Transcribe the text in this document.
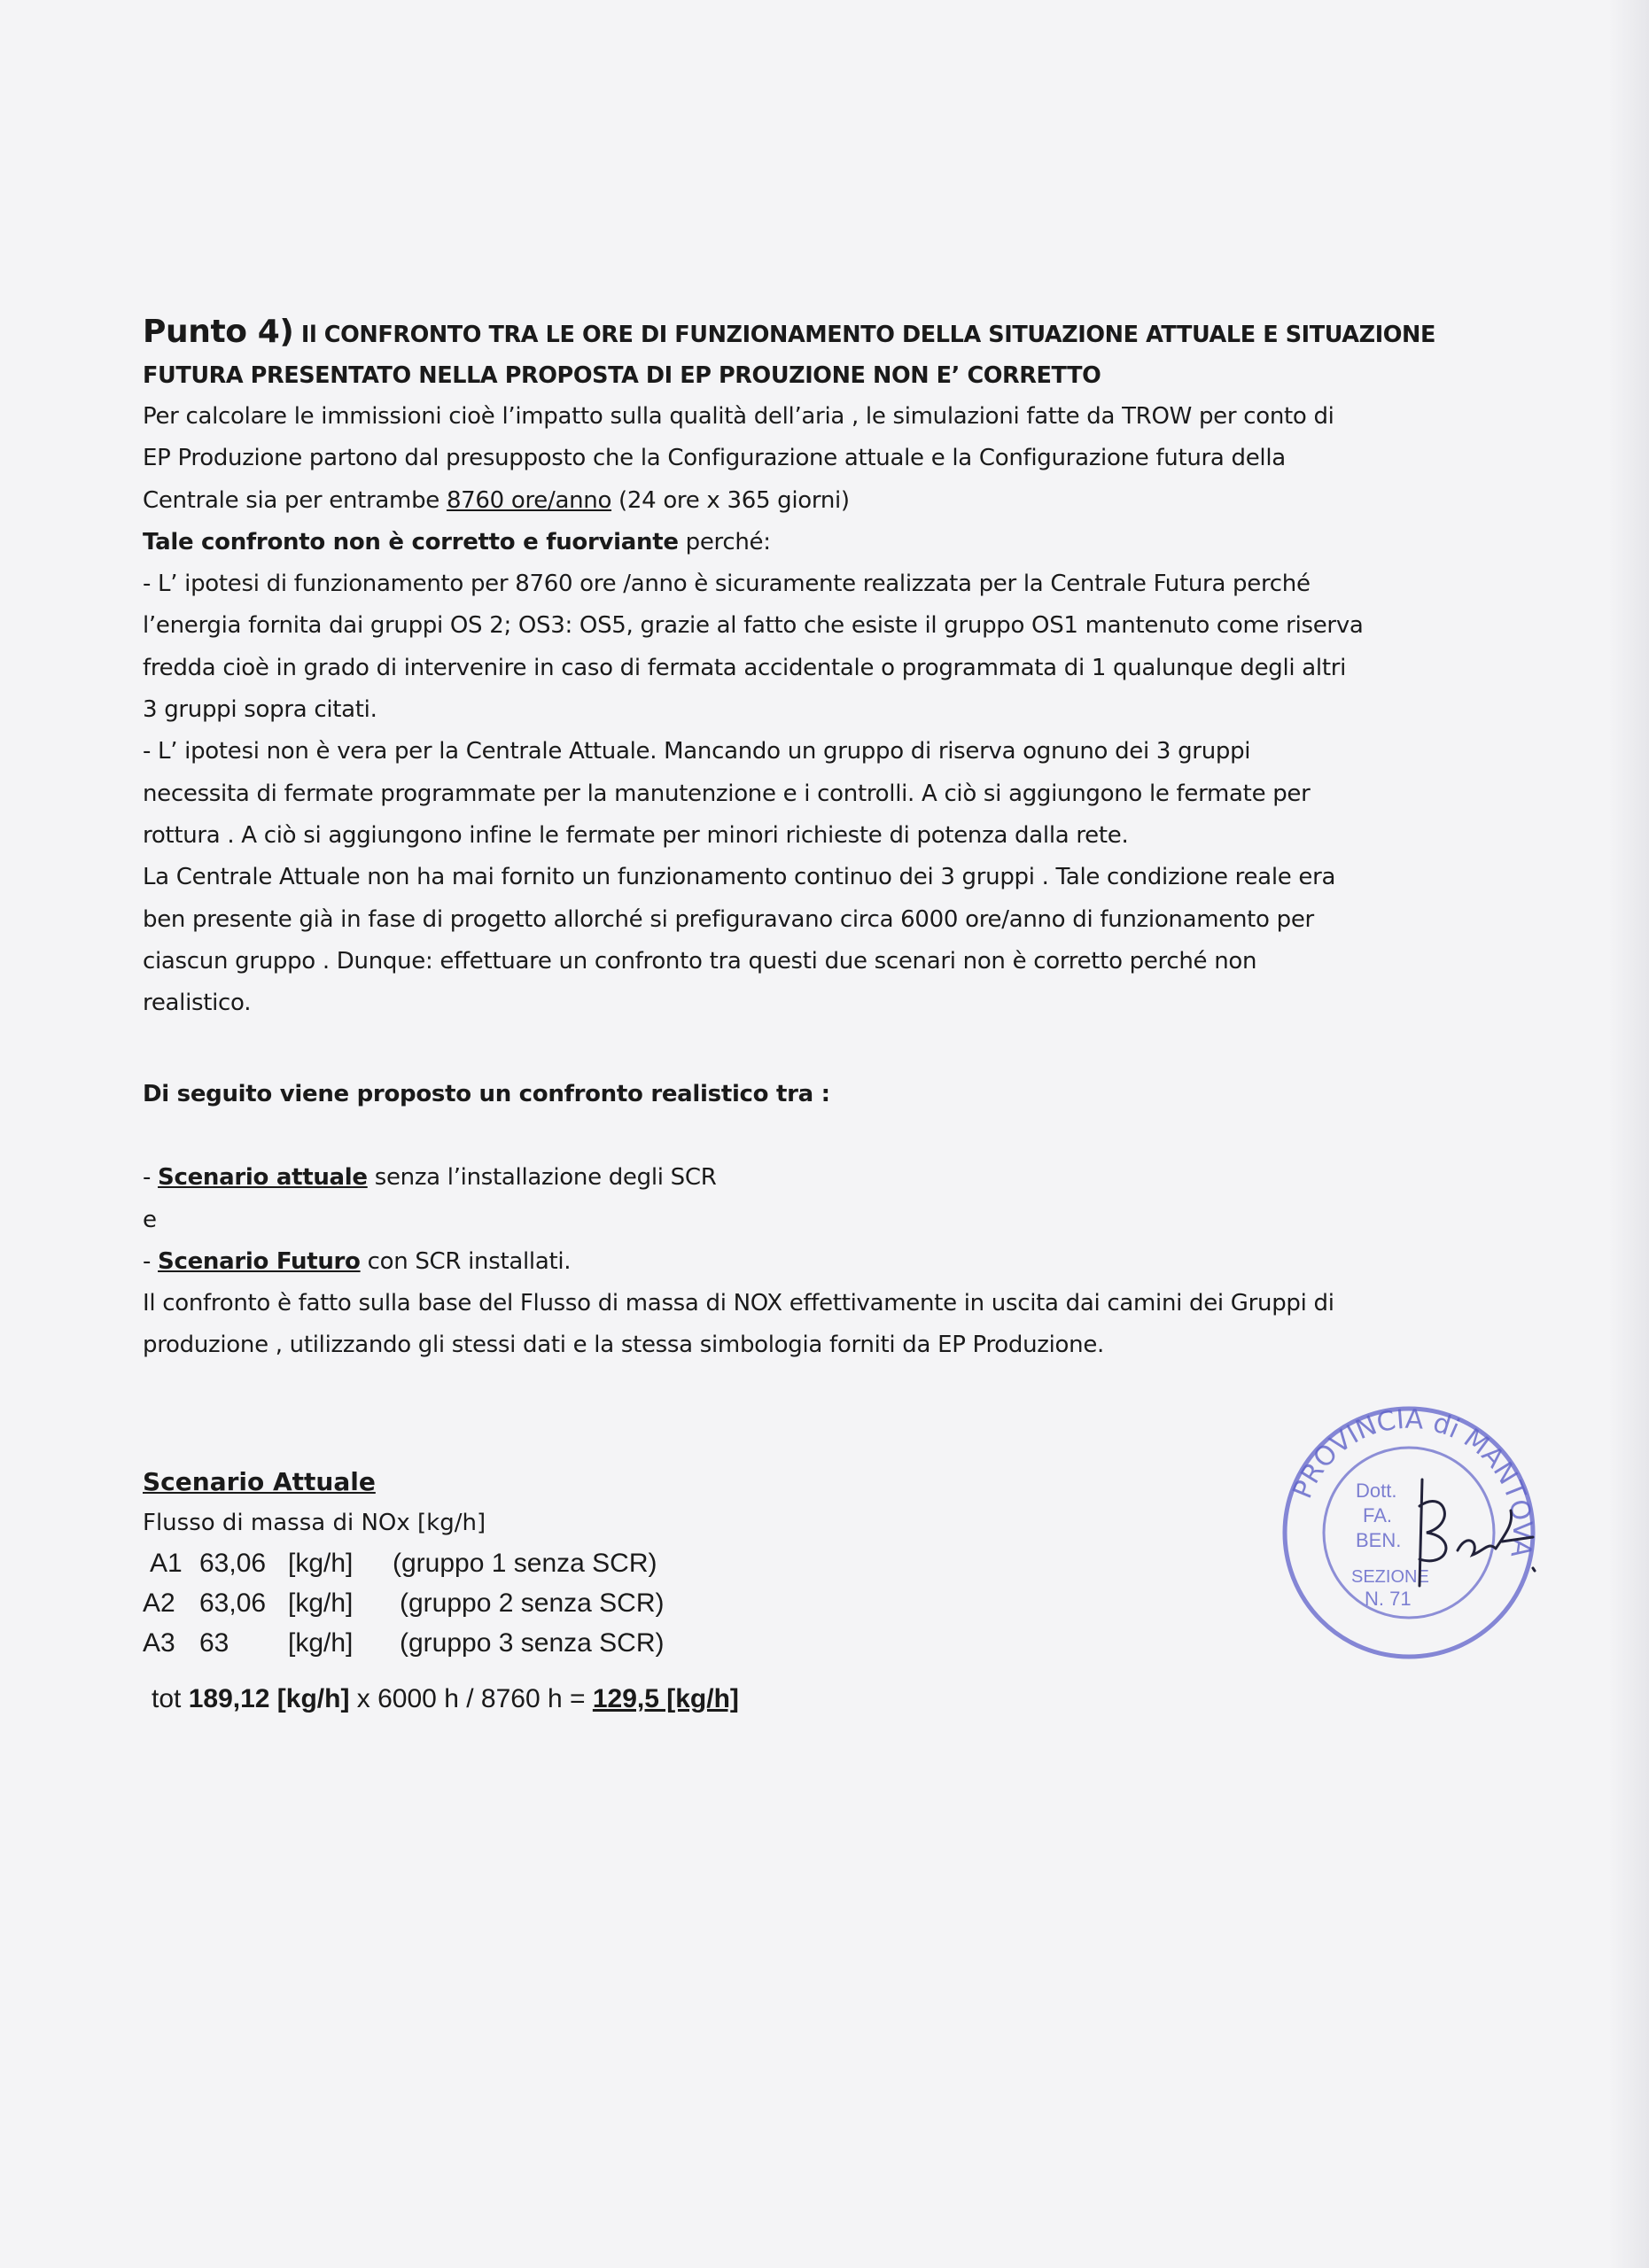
Punto 4) Il CONFRONTO TRA LE ORE DI FUNZIONAMENTO DELLA SITUAZIONE ATTUALE E SITUAZIONE
FUTURA PRESENTATO NELLA PROPOSTA DI EP PROUZIONE NON E’ CORRETTO

Per calcolare le immissioni cioè l’impatto sulla qualità dell’aria , le simulazioni fatte da TROW per conto di

EP Produzione partono dal presupposto che la Configurazione attuale e la Configurazione futura della

Centrale sia per entrambe 8760 ore/anno (24 ore x 365 giorni)

Tale confronto non è corretto e fuorviante perché:

- L’ ipotesi di funzionamento per 8760 ore /anno è sicuramente realizzata per la Centrale Futura perché

l’energia fornita dai gruppi OS 2; OS3: OS5, grazie al fatto che esiste il gruppo OS1 mantenuto come riserva

fredda cioè in grado di intervenire in caso di fermata accidentale o programmata di 1 qualunque degli altri

3 gruppi sopra citati.

- L’ ipotesi non è vera per la Centrale Attuale. Mancando un gruppo di riserva ognuno dei 3 gruppi

necessita di fermate programmate per la manutenzione e i controlli. A ciò si aggiungono le fermate per

rottura . A ciò si aggiungono infine le fermate per minori richieste di potenza dalla rete.

La Centrale Attuale non ha mai fornito un funzionamento continuo dei 3 gruppi . Tale condizione reale era

ben presente già in fase di progetto allorché si prefiguravano circa 6000 ore/anno di funzionamento per

ciascun gruppo . Dunque: effettuare un confronto tra questi due scenari non è corretto perché non

realistico.

Di seguito viene proposto un confronto realistico tra :

- Scenario attuale senza l’installazione degli SCR

e

- Scenario Futuro con SCR installati.

Il confronto è fatto sulla base del Flusso di massa di NOX effettivamente in uscita dai camini dei Gruppi di

produzione , utilizzando gli stessi dati e la stessa simbologia forniti da EP Produzione.

Scenario Attuale
Flusso di massa di NOx [kg/h]
A1 63,06 [kg/h]	(gruppo 1 senza SCR)
A2 63,06 [kg/h]	(gruppo 2 senza SCR)
A3 63	[kg/h]	(gruppo 3 senza SCR)
tot 189,12 [kg/h] x 6000 h / 8760 h = 129,5 [kg/h]
PROVINCIA di MANTOVA
Dott.
FA.
BEN.
SEZIONE
N. 71
